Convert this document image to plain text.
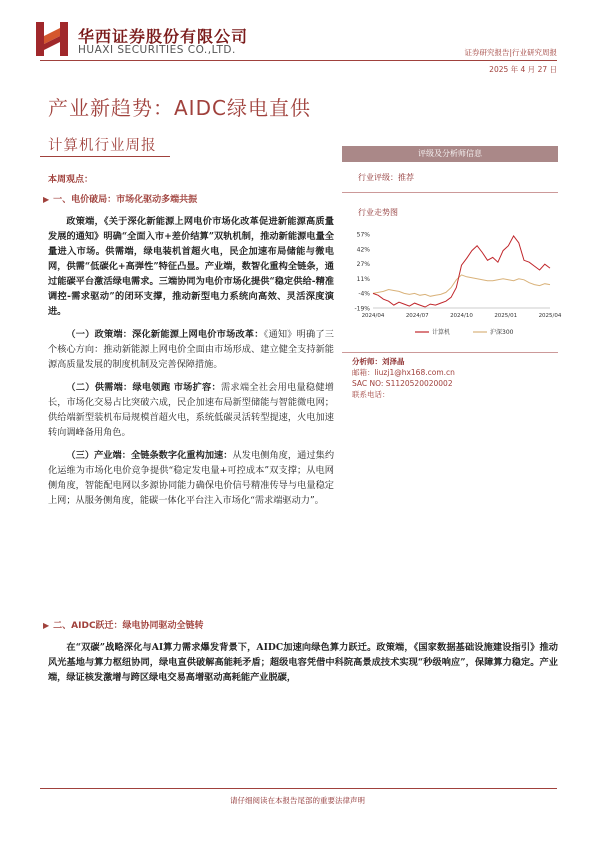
华西证券股份有限公司
HUAXI SECURITIES CO.,LTD.	证券研究报告|行业研究周报
2025 年 4 月 27 日
产业新趋势：AIDC绿电直供
计算机行业周报	评级及分析师信息
行业评级：推荐
行业走势图
57%
42%
27%
11%
-4%
-19%
2024/04	2024/07	2024/10	2025/01	2025/04
计算机	沪深300
分析师：刘泽晶
邮箱：liuzj1@hx168.com.cn
SAC NO: S1120520020002
联系电话：
本周观点：
▶ 一、电价破局：市场化驱动多端共振
政策端，《关于深化新能源上网电价市场化改革促进新能源高质量发展的通知》明确“全面入市+差价结算”双轨机制，推动新能源电量全量进入市场。供需端，绿电装机首超火电，民企加速布局储能与微电网，供需“低碳化+高弹性”特征凸显。产业端，数智化重构全链条，通过能碳平台激活绿电需求。三端协同为电价市场化提供“稳定供给-精准调控-需求驱动”的闭环支撑，推动新型电力系统向高效、灵活深度演进。
（一）政策端：深化新能源上网电价市场改革：《通知》明确了三个核心方向：推动新能源上网电价全面由市场形成、建立健全支持新能源高质量发展的制度机制及完善保障措施。
（二）供需端：绿电领跑 市场扩容：需求端全社会用电量稳健增长，市场化交易占比突破六成，民企加速布局新型储能与智能微电网；供给端新型装机布局规模首超火电，系统低碳灵活转型提速，火电加速转向调峰备用角色。
（三）产业端：全链条数字化重构加速：从发电侧角度，通过集约化运维为市场化电价竞争提供“稳定发电量+可控成本”双支撑；从电网侧角度，智能配电网以多源协同能力确保电价信号精准传导与电量稳定上网；从服务侧角度，能碳一体化平台注入市场化“需求端驱动力”。
▶ 二、AIDC跃迁：绿电协同驱动全链转
在“双碳”战略深化与AI算力需求爆发背景下，AIDC加速向绿色算力跃迁。政策端，《国家数据基础设施建设指引》推动风光基地与算力枢纽协同，绿电直供破解高能耗矛盾；超级电容凭借中科院高景成技术实现“秒级响应”，保障算力稳定。产业端，绿证核发激增与跨区绿电交易高增驱动高耗能产业脱碳，
请仔细阅读在本报告尾部的重要法律声明
